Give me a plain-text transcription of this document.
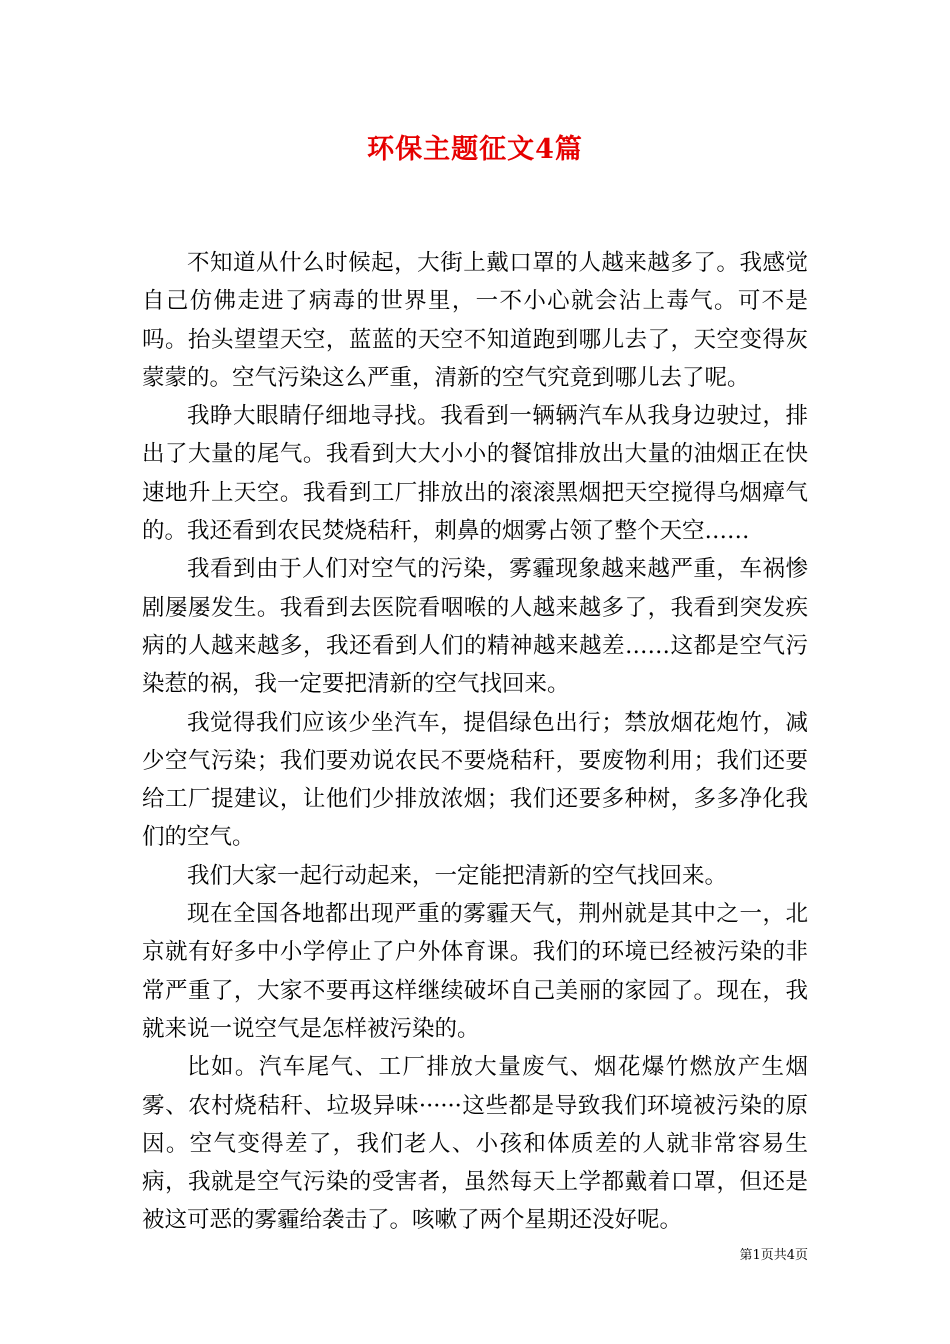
环保主题征文4篇

不知道从什么时候起，大街上戴口罩的人越来越多了。我感觉自己仿佛走进了病毒的世界里，一不小心就会沾上毒气。可不是吗。抬头望望天空，蓝蓝的天空不知道跑到哪儿去了，天空变得灰蒙蒙的。空气污染这么严重，清新的空气究竟到哪儿去了呢。

我睁大眼睛仔细地寻找。我看到一辆辆汽车从我身边驶过，排出了大量的尾气。我看到大大小小的餐馆排放出大量的油烟正在快速地升上天空。我看到工厂排放出的滚滚黑烟把天空搅得乌烟瘴气的。我还看到农民焚烧秸秆，刺鼻的烟雾占领了整个天空……

我看到由于人们对空气的污染，雾霾现象越来越严重，车祸惨剧屡屡发生。我看到去医院看咽喉的人越来越多了，我看到突发疾病的人越来越多，我还看到人们的精神越来越差……这都是空气污染惹的祸，我一定要把清新的空气找回来。

我觉得我们应该少坐汽车，提倡绿色出行；禁放烟花炮竹，减少空气污染；我们要劝说农民不要烧秸秆，要废物利用；我们还要给工厂提建议，让他们少排放浓烟；我们还要多种树，多多净化我们的空气。

我们大家一起行动起来，一定能把清新的空气找回来。

现在全国各地都出现严重的雾霾天气，荆州就是其中之一，北京就有好多中小学停止了户外体育课。我们的环境已经被污染的非常严重了，大家不要再这样继续破坏自己美丽的家园了。现在，我就来说一说空气是怎样被污染的。

比如。汽车尾气、工厂排放大量废气、烟花爆竹燃放产生烟雾、农村烧秸秆、垃圾异味······这些都是导致我们环境被污染的原因。空气变得差了，我们老人、小孩和体质差的人就非常容易生病，我就是空气污染的受害者，虽然每天上学都戴着口罩，但还是被这可恶的雾霾给袭击了。咳嗽了两个星期还没好呢。

第1页共4页
